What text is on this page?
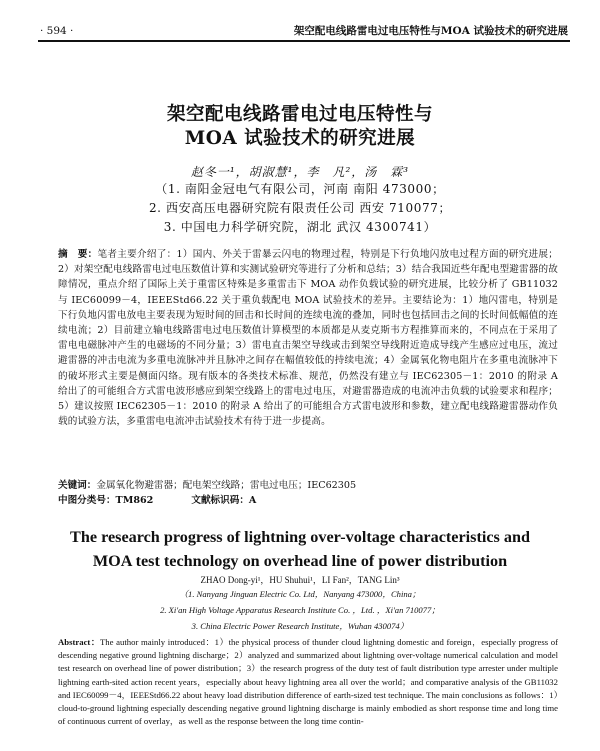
· 594 ·	架空配电线路雷电过电压特性与MOA 试验技术的研究进展
架空配电线路雷电过电压特性与
MOA 试验技术的研究进展
赵冬一¹，胡淑慧¹，李　凡²，汤　霖³
（1. 南阳金冠电气有限公司，河南 南阳 473000；
2. 西安高压电器研究院有限责任公司 西安 710077；
3. 中国电力科学研究院，湖北 武汉 4300741）
摘　要：笔者主要介绍了：1）国内、外关于雷暴云闪电的物理过程，特别是下行负地闪放电过程方面的研究进展；2）对架空配电线路雷电过电压数值计算和实测试验研究等进行了分析和总结；3）结合我国近些年配电型避雷器的故障情况，重点介绍了国际上关于重雷区特殊是多重雷击下 MOA 动作负载试验的研究进展，比较分析了 GB11032 与 IEC60099－4，IEEEStd66.22 关于重负载配电 MOA 试验技术的差异。主要结论为：1）地闪雷电，特别是下行负地闪雷电放电主要表现为短时间的回击和长时间的连续电流的叠加，同时也包括回击之间的长时间低幅值的连续电流；2）目前建立输电线路雷电过电压数值计算模型的本质都是从麦克斯韦方程推算而来的，不同点在于采用了雷电电磁脉冲产生的电磁场的不同分量；3）雷电直击架空导线或击到架空导线附近造成导线产生感应过电压，流过避雷器的冲击电流为多重电流脉冲并且脉冲之间存在幅值较低的持续电流；4）金属氧化物电阻片在多重电流脉冲下的破坏形式主要是侧面闪络。现有版本的各类技术标准、规范，仍然没有建立与 IEC62305－1：2010 的附录 A 给出了的可能组合方式雷电波形感应到架空线路上的雷电过电压，对避雷器造成的电流冲击负载的试验要求和程序；5）建议按照 IEC62305－1：2010 的附录 A 给出了的可能组合方式雷电波形和参数，建立配电线路避雷器动作负载的试验方法，多重雷电电流冲击试验技术有待于进一步提高。
关键词：金属氧化物避雷器；配电架空线路；雷电过电压；IEC62305
中图分类号：TM862	文献标识码：A
The research progress of lightning over-voltage characteristics and
MOA test technology on overhead line of power distribution
ZHAO Dong-yi¹，HU Shuhui¹，LI Fan²，TANG Lin³
（1. Nanyang Jinguan Electric Co. Ltd，Nanyang 473000，China；
2. Xi'an High Voltage Apparatus Research Institute Co. ，Ltd. ，Xi'an 710077；
3. China Electric Power Research Institute，Wuhan 430074）
Abstract：The author mainly introduced：1）the physical process of thunder cloud lightning domestic and foreign，especially progress of descending negative ground lightning discharge；2）analyzed and summarized about lightning over-voltage numerical calculation and model test research on overhead line of power distribution；3）the research progress of the duty test of fault distribution type arrester under multiple lightning earth-sited action recent years，especially about heavy lightning area all over the world；and comparative analysis of the GB11032 and IEC60099－4，IEEEStd66.22 about heavy load distribution difference of earth-sized test technique. The main conclusions as follows：1）cloud-to-ground lightning especially descending negative ground lightning discharge is mainly embodied as short response time and long time of continuous current of overlay，as well as the response between the long time contin-
